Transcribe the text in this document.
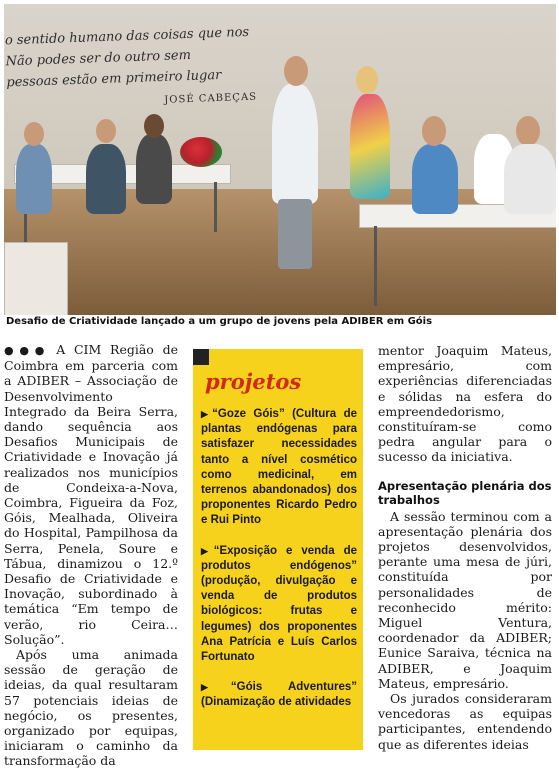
o sentido humano das coisas que nos
Não podes ser do outro sem
pessoas estão em primeiro lugar
JOSÉ CABEÇAS
Desafio de Criatividade lançado a um grupo de jovens pela ADIBER em Góis

●●● A CIM Região de Coimbra em parceria com a ADIBER – Associação de Desenvolvimento Integrado da Beira Serra, dando sequência aos Desafios Municipais de Criatividade e Inovação já realizados nos municípios de Condeixa-a-Nova, Coimbra, Figueira da Foz, Góis, Mealhada, Oliveira do Hospital, Pampilhosa da Serra, Penela, Soure e Tábua, dinamizou o 12.º Desafio de Criatividade e Inovação, subordinado à temática “Em tempo de verão, rio Ceira… Solução”.

Após uma animada sessão de geração de ideias, da qual resultaram 57 potenciais ideias de negócio, os presentes, organizado por equipas, iniciaram o caminho da transformação da

projetos

▶“Goze Góis” (Cultura de plantas endógenas para satisfazer necessidades tanto a nível cosmético como medicinal, em terrenos abandonados) dos proponentes Ricardo Pedro e Rui Pinto

▶“Exposição e venda de produtos endógenos” (produção, divulgação e venda de produtos biológicos: frutas e legumes) dos proponentes Ana Patrícia e Luís Carlos Fortunato

▶“Góis Adventures” (Dinamização de atividades

mentor Joaquim Mateus, empresário, com experiências diferenciadas e sólidas na esfera do empreendedorismo, constituíram-se como pedra angular para o sucesso da iniciativa.

Apresentação plenária dos trabalhos

A sessão terminou com a apresentação plenária dos projetos desenvolvidos, perante uma mesa de júri, constituída por personalidades de reconhecido mérito: Miguel Ventura, coordenador da ADIBER; Eunice Saraiva, técnica na ADIBER, e Joaquim Mateus, empresário.

Os jurados consideraram vencedoras as equipas participantes, entendendo que as diferentes ideias
